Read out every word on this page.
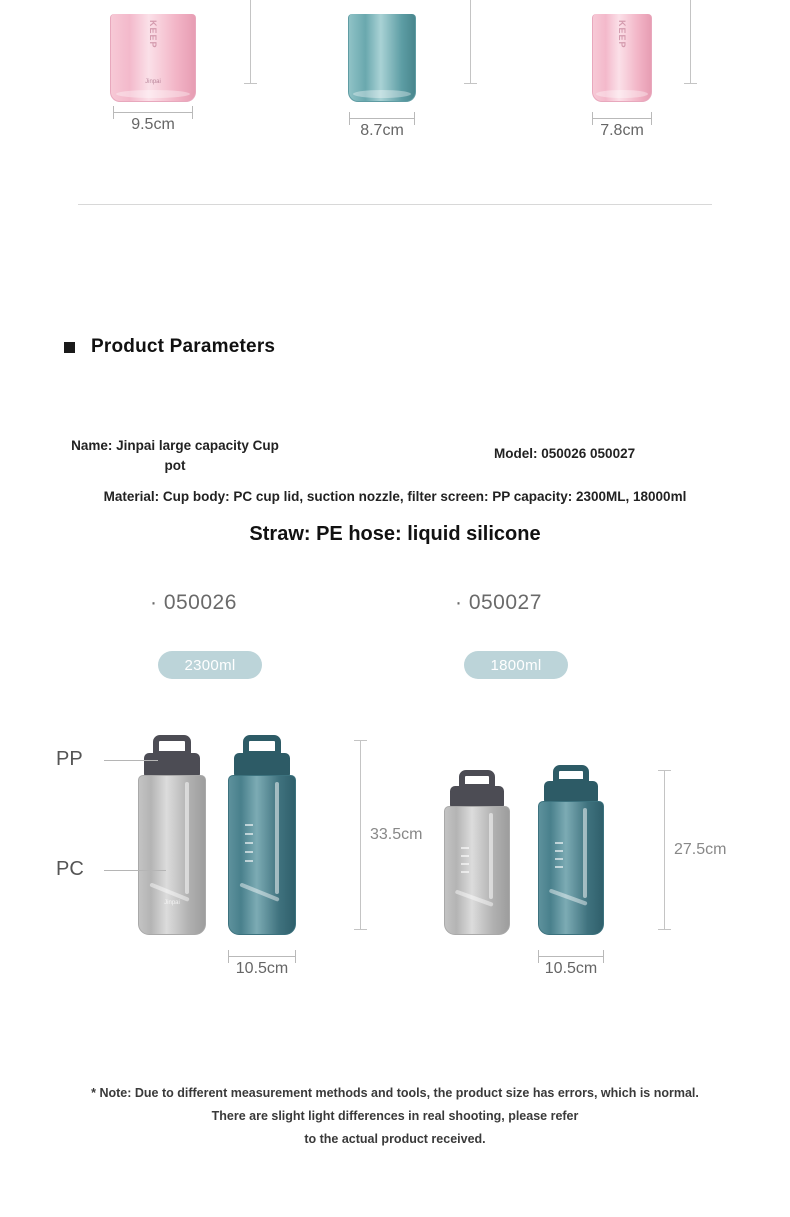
KEEP
Jinpai
KEEP
9.5cm	8.7cm	7.8cm
Product Parameters
Name: Jinpai large capacity Cup pot
Model: 050026 050027
Material: Cup body: PC cup lid, suction nozzle, filter screen: PP capacity: 2300ML, 18000ml
Straw: PE hose: liquid silicone
· 050026
2300ml
· 050027
1800ml
Jinpai
33.5cm
10.5cm
PP
PC
27.5cm
10.5cm
* Note: Due to different measurement methods and tools, the product size has errors, which is normal.
There are slight light differences in real shooting, please refer
to the actual product received.
